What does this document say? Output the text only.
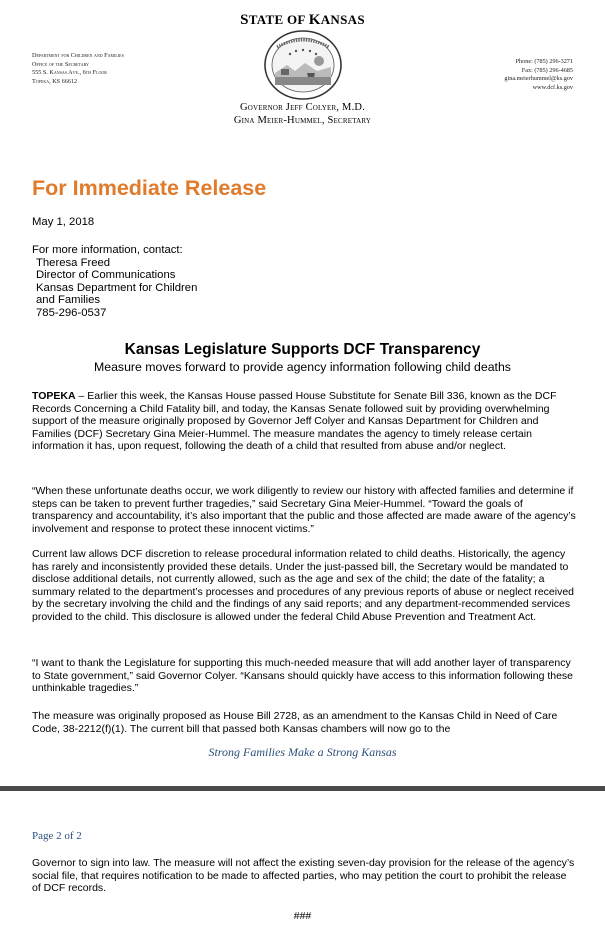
STATE OF KANSAS
Department for Children and Families
Office of the Secretary
555 S. Kansas Ave., 6th Floor
Topeka, KS 66612
Phone: (785) 296-3271
Fax: (785) 296-4685
gina.meierhummel@ks.gov
www.dcf.ks.gov
Governor Jeff Colyer, M.D.
Gina Meier-Hummel, Secretary
For Immediate Release
May 1, 2018
For more information, contact:
Theresa Freed
Director of Communications
Kansas Department for Children
and Families
785-296-0537
Kansas Legislature Supports DCF Transparency
Measure moves forward to provide agency information following child deaths
TOPEKA – Earlier this week, the Kansas House passed House Substitute for Senate Bill 336, known as the DCF Records Concerning a Child Fatality bill, and today, the Kansas Senate followed suit by providing overwhelming support of the measure originally proposed by Governor Jeff Colyer and Kansas Department for Children and Families (DCF) Secretary Gina Meier-Hummel. The measure mandates the agency to timely release certain information it has, upon request, following the death of a child that resulted from abuse and/or neglect.
“When these unfortunate deaths occur, we work diligently to review our history with affected families and determine if steps can be taken to prevent further tragedies,” said Secretary Gina Meier-Hummel. “Toward the goals of transparency and accountability, it’s also important that the public and those affected are made aware of the agency’s involvement and response to protect these innocent victims.”
Current law allows DCF discretion to release procedural information related to child deaths. Historically, the agency has rarely and inconsistently provided these details. Under the just-passed bill, the Secretary would be mandated to disclose additional details, not currently allowed, such as the age and sex of the child; the date of the fatality; a summary related to the department’s processes and procedures of any previous reports of abuse or neglect received by the secretary involving the child and the findings of any said reports; and any department-recommended services provided to the child. This disclosure is allowed under the federal Child Abuse Prevention and Treatment Act.
“I want to thank the Legislature for supporting this much-needed measure that will add another layer of transparency to State government,” said Governor Colyer. “Kansans should quickly have access to this information following these unthinkable tragedies.”
The measure was originally proposed as House Bill 2728, as an amendment to the Kansas Child in Need of Care Code, 38-2212(f)(1). The current bill that passed both Kansas chambers will now go to the
Strong Families Make a Strong Kansas
Page 2 of 2
Governor to sign into law. The measure will not affect the existing seven-day provision for the release of the agency’s social file, that requires notification to be made to affected parties, who may petition the court to prohibit the release of DCF records.
###
